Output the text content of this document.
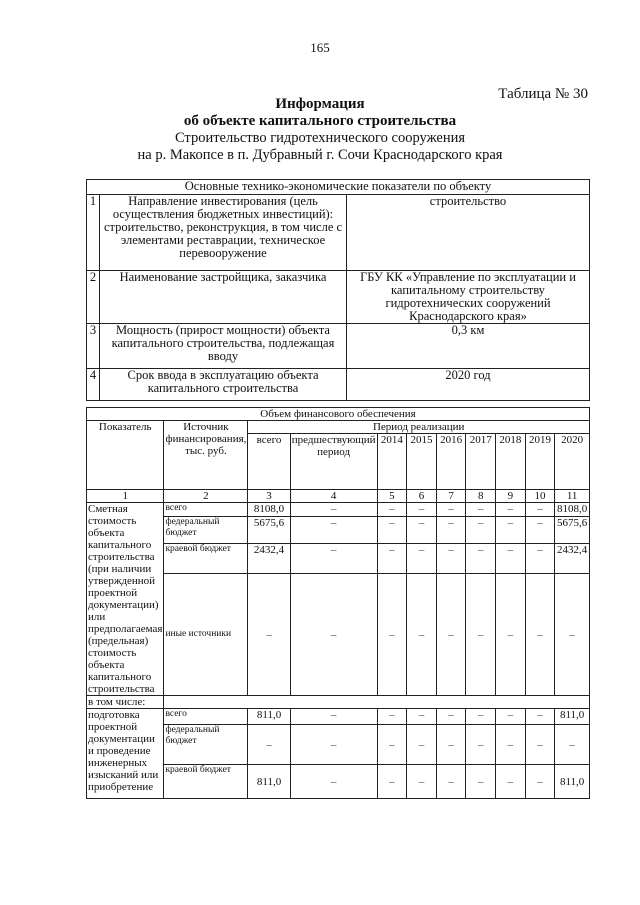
165
Таблица № 30
Информация
об объекте капитального строительства
Строительство гидротехнического сооружения
на р. Макопсе в п. Дубравный г. Сочи Краснодарского края
Основные технико-экономические показатели по объекту		
1	Направление инвестирования (цель осуществления бюджетных инвестиций): строительство, реконструкция, в том числе с элементами реставрации, техническое перевооружение	строительство
2	Наименование застройщика, заказчика	ГБУ КК «Управление по эксплуатации и капитальному строительству гидротехнических сооружений Краснодарского края»
3	Мощность (прирост мощности) объекта капитального строительства, подлежащая вводу	0,3 км
4	Срок ввода в эксплуатацию объекта капитального строительства	2020 год
Объем финансового обеспечения										
Показатель	Источник финансирования, тыс. руб.	Период реализации								
		всего	предшествующий период	2014	2015	2016	2017	2018	2019	2020
1	2	3	4	5	6	7	8	9	10	11
Сметная стоимость объекта капитального строительства (при наличии утвержденной проектной документации) или предполагаемая (предельная) стоимость объекта капитального строительства	всего	8108,0	–	–	–	–	–	–	–	8108,0
	федеральный бюджет	5675,6	–	–	–	–	–	–	–	5675,6
	краевой бюджет	2432,4	–	–	–	–	–	–	–	2432,4
	иные источники	–	–	–	–	–	–	–	–	–
в том числе:										
подготовка проектной документации и проведение инженерных изысканий или приобретение	всего	811,0	–	–	–	–	–	–	–	811,0
	федеральный бюджет	–	–	–	–	–	–	–	–	–
	краевой бюджет	811,0	–	–	–	–	–	–	–	811,0
